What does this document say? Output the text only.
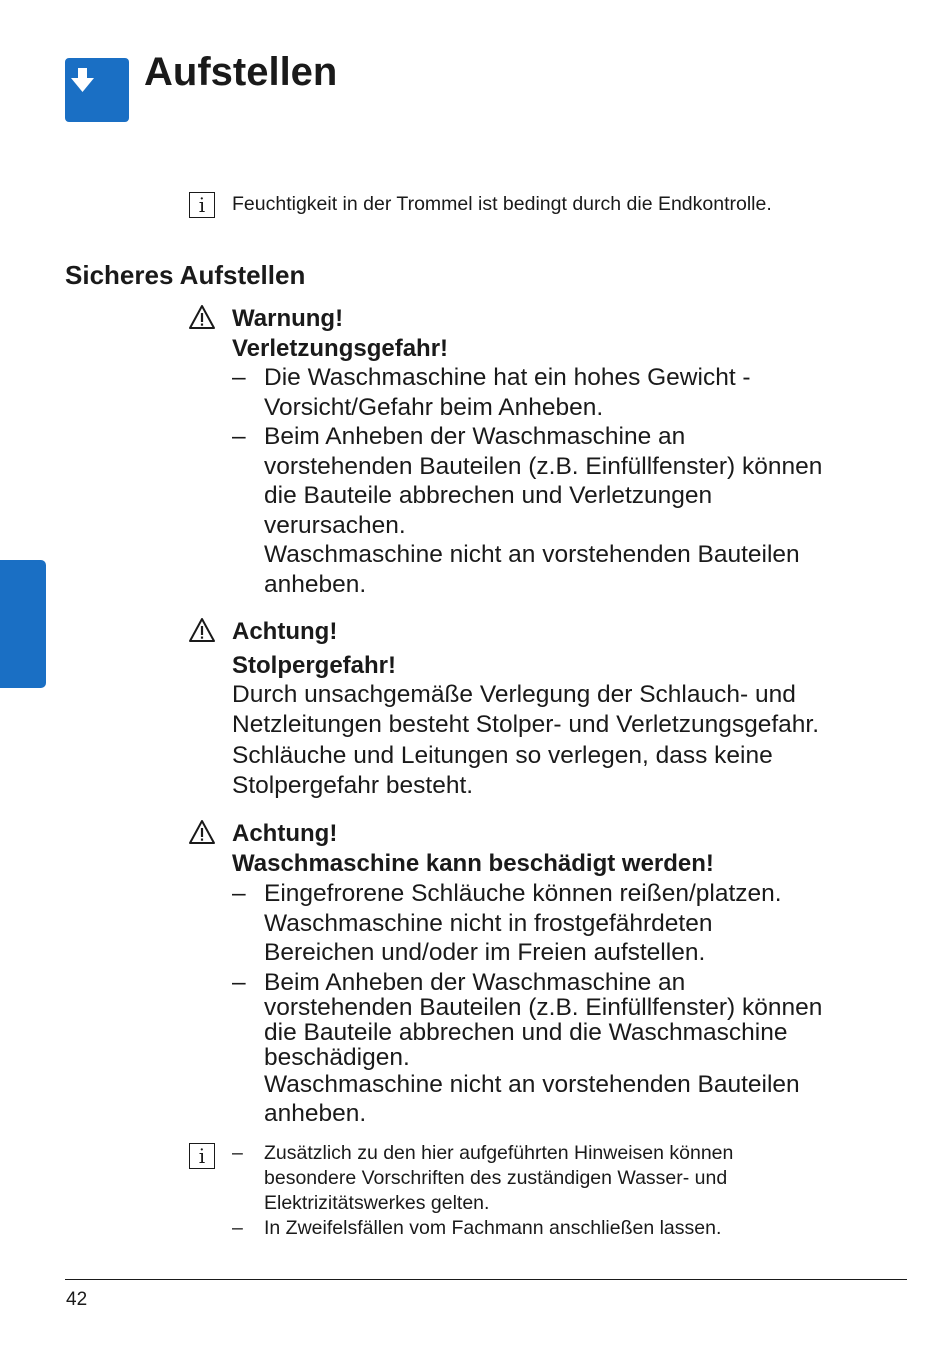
Aufstellen
i	Feuchtigkeit in der Trommel ist bedingt durch die Endkontrolle.
Sicheres Aufstellen
Warnung!
Verletzungsgefahr!
– Die Waschmaschine hat ein hohes Gewicht -
Vorsicht/Gefahr beim Anheben.
– Beim Anheben der Waschmaschine an
vorstehenden Bauteilen (z.B. Einfüllfenster) können
die Bauteile abbrechen und Verletzungen
verursachen.
Waschmaschine nicht an vorstehenden Bauteilen
anheben.
Achtung!
Stolpergefahr!
Durch unsachgemäße Verlegung der Schlauch- und
Netzleitungen besteht Stolper- und Verletzungsgefahr.
Schläuche und Leitungen so verlegen, dass keine
Stolpergefahr besteht.
Achtung!
Waschmaschine kann beschädigt werden!
– Eingefrorene Schläuche können reißen/platzen.
Waschmaschine nicht in frostgefährdeten
Bereichen und/oder im Freien aufstellen.
– Beim Anheben der Waschmaschine an
vorstehenden Bauteilen (z.B. Einfüllfenster) können
die Bauteile abbrechen und die Waschmaschine
beschädigen.
Waschmaschine nicht an vorstehenden Bauteilen
anheben.
i	– Zusätzlich zu den hier aufgeführten Hinweisen können
besondere Vorschriften des zuständigen Wasser- und
Elektrizitätswerkes gelten.
– In Zweifelsfällen vom Fachmann anschließen lassen.
42
